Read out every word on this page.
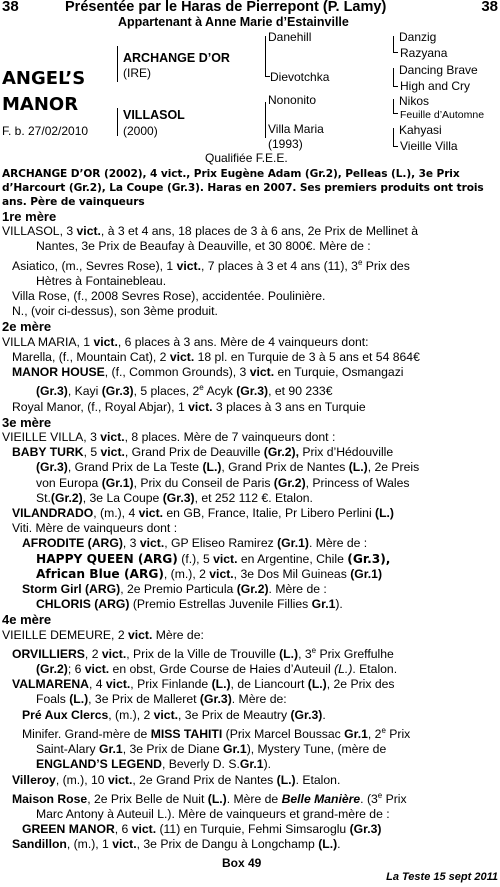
38	Présentée par le Haras de Pierrepont (P. Lamy)	38
Appartenant à Anne Marie d’Estainville
ANGEL’S
MANOR
F. b. 27/02/2010
ARCHANGE D’OR
(IRE)
VILLASOL
(2000)
Danehill
Dievotchka
Nononito
Villa Maria
(1993)
Danzig
Razyana
Dancing Brave
High and Cry
Nikos
Feuille d’Automne
Kahyasi
Vieille Villa
Qualifiée F.E.E.

ARCHANGE D’OR (2002), 4 vict., Prix Eugène Adam (Gr.2), Pelleas (L.), 3e Prix d’Harcourt (Gr.2), La Coupe (Gr.3). Haras en 2007. Ses premiers produits ont trois ans. Père de vainqueurs

1re mère

VILLASOL, 3 vict., à 3 et 4 ans, 18 places de 3 à 6 ans, 2e Prix de Mellinet à

Nantes, 3e Prix de Beaufay à Deauville, et 30 800€. Mère de :

Asiatico, (m., Sevres Rose), 1 vict., 7 places à 3 et 4 ans (11), 3e Prix des

Hètres à Fontainebleau.

Villa Rose, (f., 2008 Sevres Rose), accidentée. Poulinière.

N., (voir ci-dessus), son 3ème produit.

2e mère

VILLA MARIA, 1 vict., 6 places à 3 ans. Mère de 4 vainqueurs dont:

Marella, (f., Mountain Cat), 2 vict. 18 pl. en Turquie de 3 à 5 ans et 54 864€

MANOR HOUSE, (f., Common Grounds), 3 vict. en Turquie, Osmangazi

(Gr.3), Kayi (Gr.3), 5 places, 2e Acyk (Gr.3), et 90 233€

Royal Manor, (f., Royal Abjar), 1 vict. 3 places à 3 ans en Turquie

3e mère

VIEILLE VILLA, 3 vict., 8 places. Mère de 7 vainqueurs dont :

BABY TURK, 5 vict., Grand Prix de Deauville (Gr.2), Prix d’Hédouville

(Gr.3), Grand Prix de La Teste (L.), Grand Prix de Nantes (L.), 2e Preis

von Europa (Gr.1), Prix du Conseil de Paris (Gr.2), Princess of Wales

St.(Gr.2), 3e La Coupe (Gr.3), et 252 112 €. Etalon.

VILANDRADO, (m.), 4 vict. en GB, France, Italie, Pr Libero Perlini (L.)

Viti. Mère de vainqueurs dont :

AFRODITE (ARG), 3 vict., GP Eliseo Ramirez (Gr.1). Mère de :

HAPPY QUEEN (ARG) (f.), 5 vict. en Argentine, Chile (Gr.3),

African Blue (ARG), (m.), 2 vict., 3e Dos Mil Guineas (Gr.1)

Storm Girl (ARG), 2e Premio Particula (Gr.2). Mère de :

CHLORIS (ARG) (Premio Estrellas Juvenile Fillies Gr.1).

4e mère

VIEILLE DEMEURE, 2 vict. Mère de:

ORVILLIERS, 2 vict., Prix de la Ville de Trouville (L.), 3e Prix Greffulhe

(Gr.2); 6 vict. en obst, Grde Course de Haies d’Auteuil (L.). Etalon.

VALMARENA, 4 vict., Prix Finlande (L.), de Liancourt (L.), 2e Prix des

Foals (L.), 3e Prix de Malleret (Gr.3). Mère de:

Pré Aux Clercs, (m.), 2 vict., 3e Prix de Meautry (Gr.3).

Minifer. Grand-mère de MISS TAHITI (Prix Marcel Boussac Gr.1, 2e Prix

Saint-Alary Gr.1, 3e Prix de Diane Gr.1), Mystery Tune, (mère de

ENGLAND’S LEGEND, Beverly D. S.Gr.1).

Villeroy, (m.), 10 vict., 2e Grand Prix de Nantes (L.). Etalon.

Maison Rose, 2e Prix Belle de Nuit (L.). Mère de Belle Manière. (3e Prix

Marc Antony à Auteuil L.). Mère de vainqueurs et grand-mère de :

GREEN MANOR, 6 vict. (11) en Turquie, Fehmi Simsaroglu (Gr.3)

Sandillon, (m.), 1 vict., 3e Prix de Dangu à Longchamp (L.).

Box 49
La Teste 15 sept 2011
